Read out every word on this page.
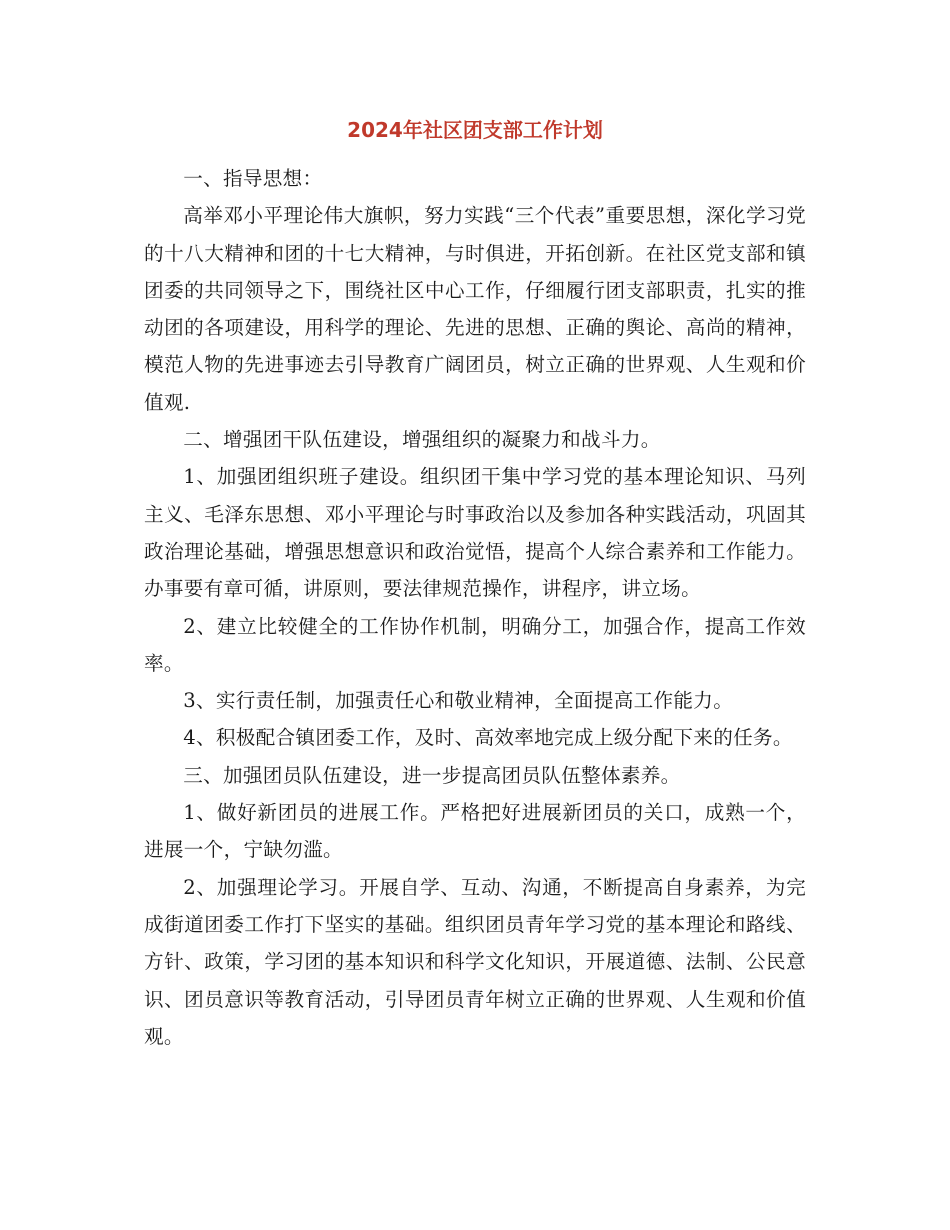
2024年社区团支部工作计划

一、指导思想：

高举邓小平理论伟大旗帜，努力实践“三个代表”重要思想，深化学习党的十八大精神和团的十七大精神，与时俱进，开拓创新。在社区党支部和镇团委的共同领导之下，围绕社区中心工作，仔细履行团支部职责，扎实的推动团的各项建设，用科学的理论、先进的思想、正确的舆论、高尚的精神，模范人物的先进事迹去引导教育广阔团员，树立正确的世界观、人生观和价值观.

二、增强团干队伍建设，增强组织的凝聚力和战斗力。

1、加强团组织班子建设。组织团干集中学习党的基本理论知识、马列主义、毛泽东思想、邓小平理论与时事政治以及参加各种实践活动，巩固其政治理论基础，增强思想意识和政治觉悟，提高个人综合素养和工作能力。办事要有章可循，讲原则，要法律规范操作，讲程序，讲立场。

2、建立比较健全的工作协作机制，明确分工，加强合作，提高工作效率。

3、实行责任制，加强责任心和敬业精神，全面提高工作能力。

4、积极配合镇团委工作，及时、高效率地完成上级分配下来的任务。

三、加强团员队伍建设，进一步提高团员队伍整体素养。

1、做好新团员的进展工作。严格把好进展新团员的关口，成熟一个，进展一个，宁缺勿滥。

2、加强理论学习。开展自学、互动、沟通，不断提高自身素养，为完成街道团委工作打下坚实的基础。组织团员青年学习党的基本理论和路线、方针、政策，学习团的基本知识和科学文化知识，开展道德、法制、公民意识、团员意识等教育活动，引导团员青年树立正确的世界观、人生观和价值观。
